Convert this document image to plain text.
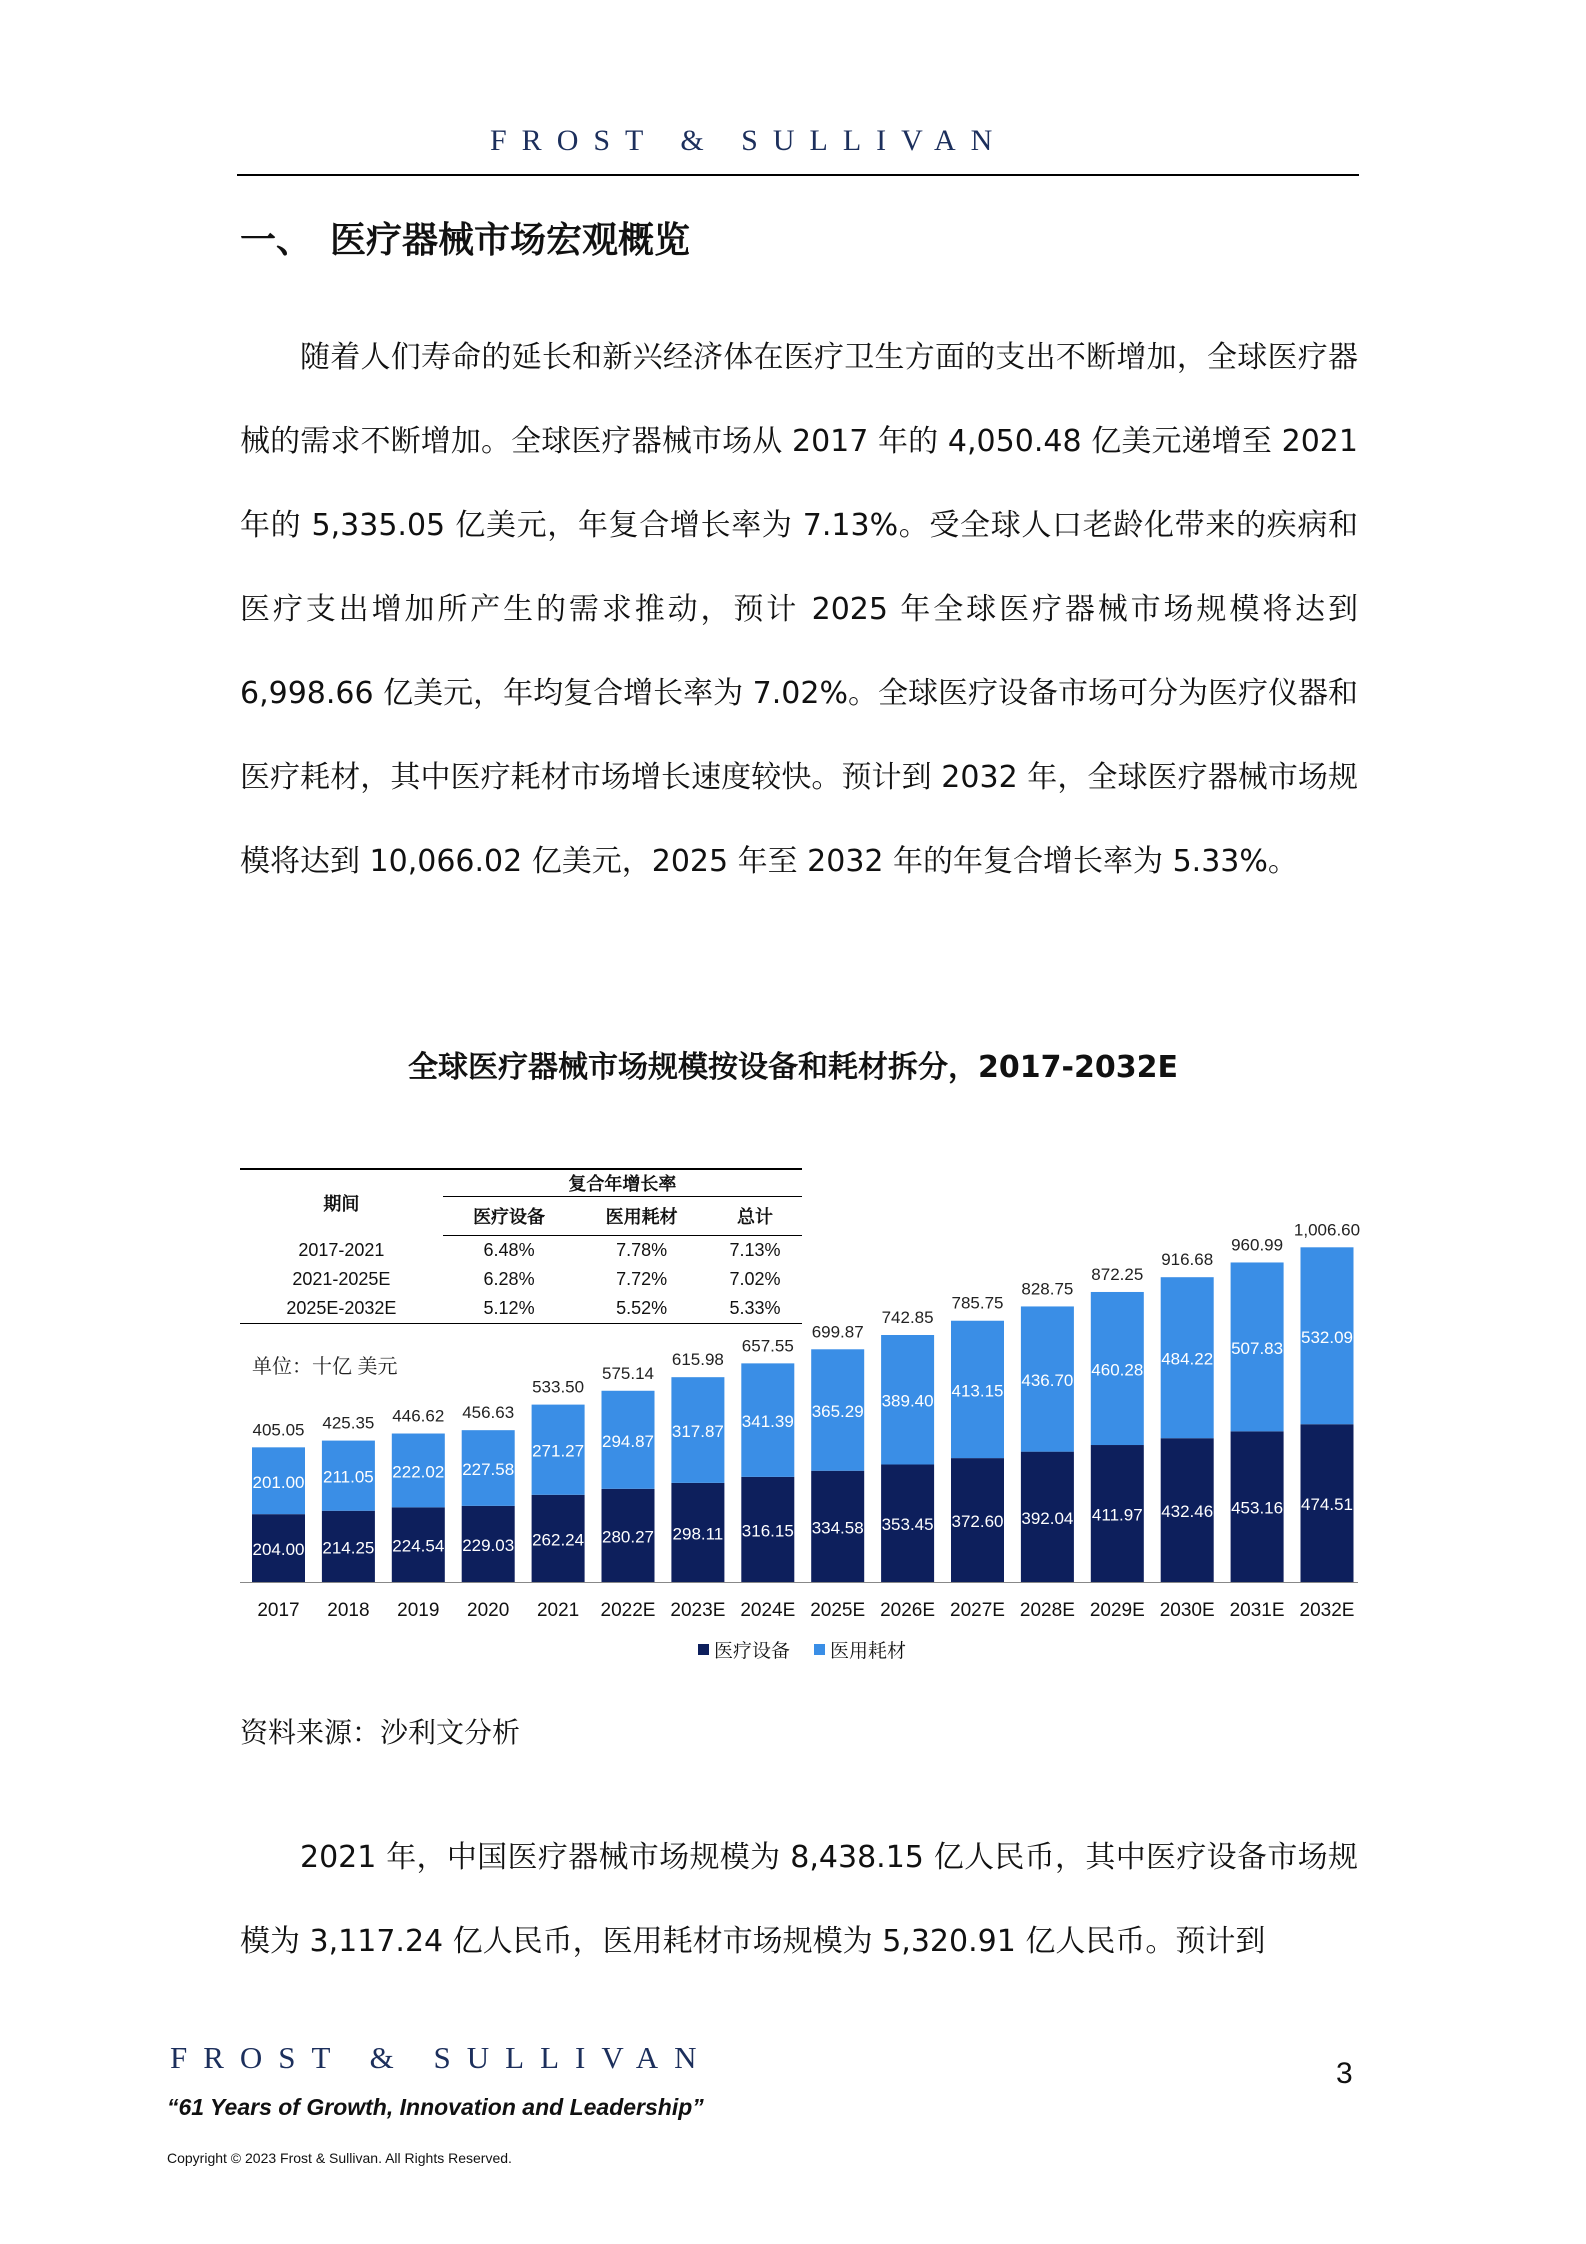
FROST & SULLIVAN
一、　医疗器械市场宏观概览

随着人们寿命的延长和新兴经济体在医疗卫生方面的支出不断增加，全球医疗器械的需求不断增加。全球医疗器械市场从 2017 年的 4,050.48 亿美元递增至 2021 年的 5,335.05 亿美元，年复合增长率为 7.13%。受全球人口老龄化带来的疾病和医疗支出增加所产生的需求推动，预计 2025 年全球医疗器械市场规模将达到 6,998.66 亿美元，年均复合增长率为 7.02%。全球医疗设备市场可分为医疗仪器和医疗耗材，其中医疗耗材市场增长速度较快。预计到 2032 年，全球医疗器械市场规模将达到 10,066.02 亿美元，2025 年至 2032 年的年复合增长率为 5.33%。

全球医疗器械市场规模按设备和耗材拆分，2017-2032E
单位：十亿 美元
204.00
201.00
405.05
2017
214.25
211.05
425.35
2018
224.54
222.02
446.62
2019
229.03
227.58
456.63
2020
262.24
271.27
533.50
2021
280.27
294.87
575.14
2022E
298.11
317.87
615.98
2023E
316.15
341.39
657.55
2024E
334.58
365.29
699.87
2025E
353.45
389.40
742.85
2026E
372.60
413.15
785.75
2027E
392.04
436.70
828.75
2028E
411.97
460.28
872.25
2029E
432.46
484.22
916.68
2030E
453.16
507.83
960.99
2031E
474.51
532.09
1,006.60
2032E
医疗设备 医用耗材
期间	复合年增长率		
	医疗设备	医用耗材	总计
2017-2021	6.48%	7.78%	7.13%
2021-2025E	6.28%	7.72%	7.02%
2025E-2032E	5.12%	5.52%	5.33%
资料来源：沙利文分析

2021 年，中国医疗器械市场规模为 8,438.15 亿人民币，其中医疗设备市场规模为 3,117.24 亿人民币，医用耗材市场规模为 5,320.91 亿人民币。预计到

FROST & SULLIVAN
“61 Years of Growth, Innovation and Leadership”
3
Copyright © 2023 Frost & Sullivan. All Rights Reserved.
